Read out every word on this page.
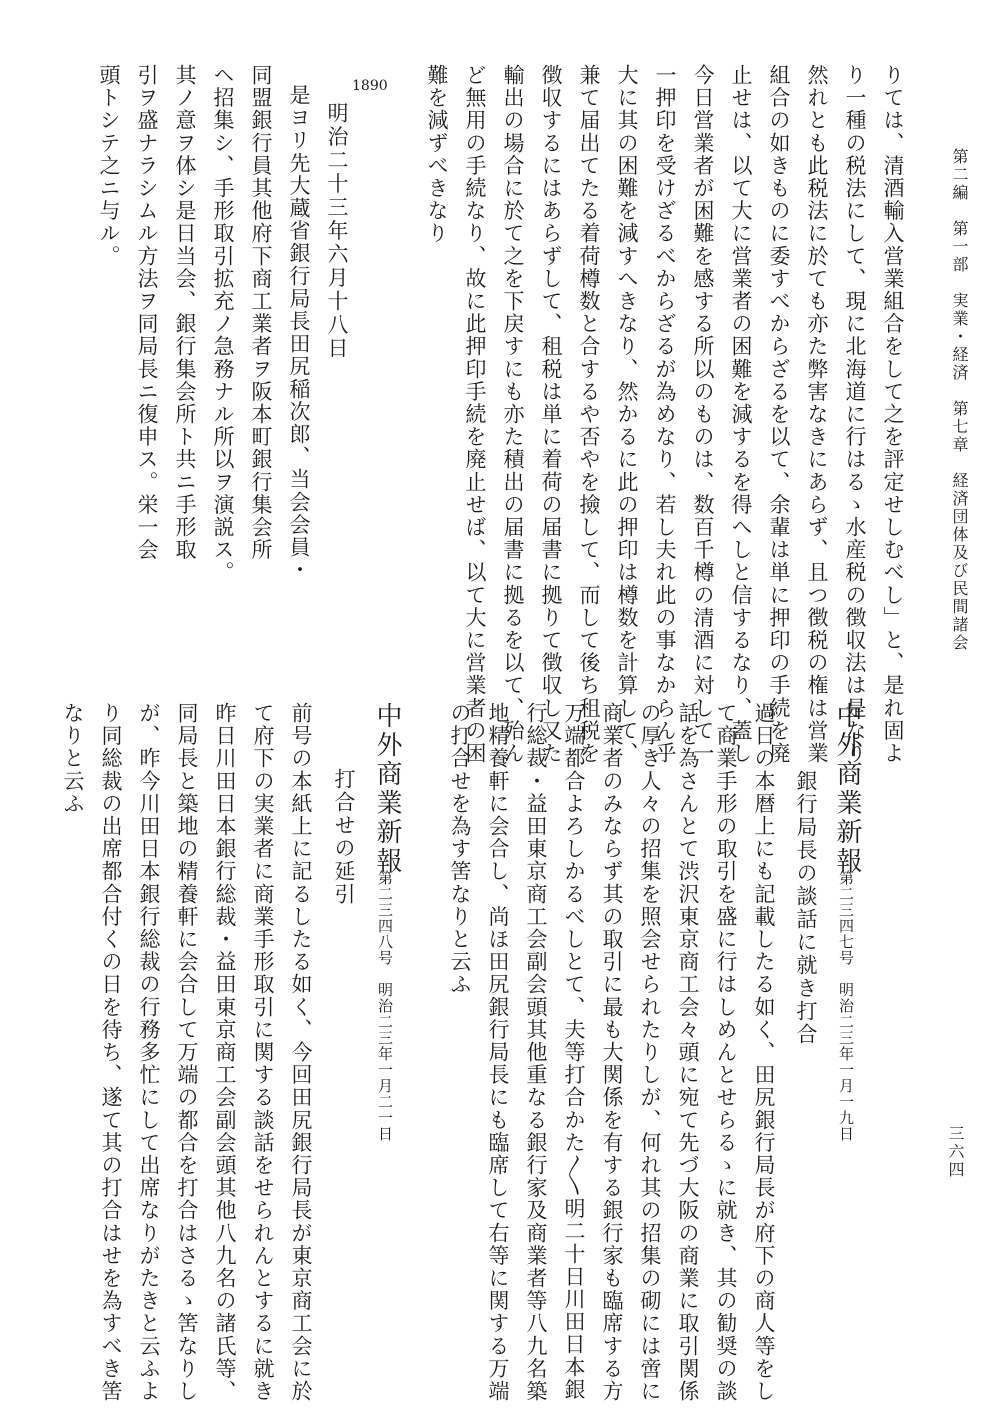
第二編　第一部　実業・経済　第七章　経済団体及び民間諸会
三六四
りては、清酒輸入営業組合をして之を評定せしむべし」と、是れ固よ
り一種の税法にして、現に北海道に行はるゝ水産税の徴収法は是なり
然れとも此税法に於ても亦た弊害なきにあらず、且つ徴税の権は営業
組合の如きものに委すべからざるを以て、余輩は単に押印の手続を廃
止せは、以て大に営業者の困難を減するを得へしと信するなり、蓋し
今日営業者が困難を感する所以のものは、数百千樽の清酒に対して一
一押印を受けざるべからざるが為めなり、若し夫れ此の事なからん乎
大に其の困難を減すへきなり、然かるに此の押印は樽数を計算して、
兼て届出てたる着荷樽数と合するや否やを撿して、而して後ち租税を
徴収するにはあらずして、租税は単に着荷の届書に拠りて徴収し又た
輸出の場合に於て之を下戻すにも亦た積出の届書に拠るを以て、殆ん
ど無用の手続なり、故に此押印手続を廃止せば、以て大に営業者の困
難を減ずべきなり
1890
明治二十三年六月十八日
是ヨリ先大蔵省銀行局長田尻稲次郎、当会会員・
同盟銀行員其他府下商工業者ヲ阪本町銀行集会所
ヘ招集シ、手形取引拡充ノ急務ナル所以ヲ演説ス。
其ノ意ヲ体シ是日当会、銀行集会所ト共ニ手形取
引ヲ盛ナラシムル方法ヲ同局長ニ復申ス。栄一会
頭トシテ之ニ与ル。
中外商業新報
第二三四七号　明治二三年一月一九日
銀行局長の談話に就き打合
過日の本暦上にも記載したる如く、田尻銀行局長が府下の商人等をし
て商業手形の取引を盛に行はしめんとせらるゝに就き、其の勧奨の談
話を為さんとて渋沢東京商工会々頭に宛て先づ大阪の商業に取引関係
の厚き人々の招集を照会せられたりしが、何れ其の招集の砌には啻に
商業者のみならず其の取引に最も大関係を有する銀行家も臨席する方
万端都合よろしかるべしとて、夫等打合かた〳〵明二十日川田日本銀
行総裁・益田東京商工会副会頭其他重なる銀行家及商業者等八九名築
地精養軒に会合し、尚ほ田尻銀行局長にも臨席して右等に関する万端
の打合せを為す筈なりと云ふ
中外商業新報
第二三四八号　明治二三年一月二一日
打合せの延引
前号の本紙上に記るしたる如く、今回田尻銀行局長が東京商工会に於
て府下の実業者に商業手形取引に関する談話をせられんとするに就き
昨日川田日本銀行総裁・益田東京商工会副会頭其他八九名の諸氏等、
同局長と築地の精養軒に会合して万端の都合を打合はさるゝ筈なりし
が、昨今川田日本銀行総裁の行務多忙にして出席なりがたきと云ふよ
り同総裁の出席都合付くの日を待ち、遂て其の打合はせを為すべき筈
なりと云ふ
